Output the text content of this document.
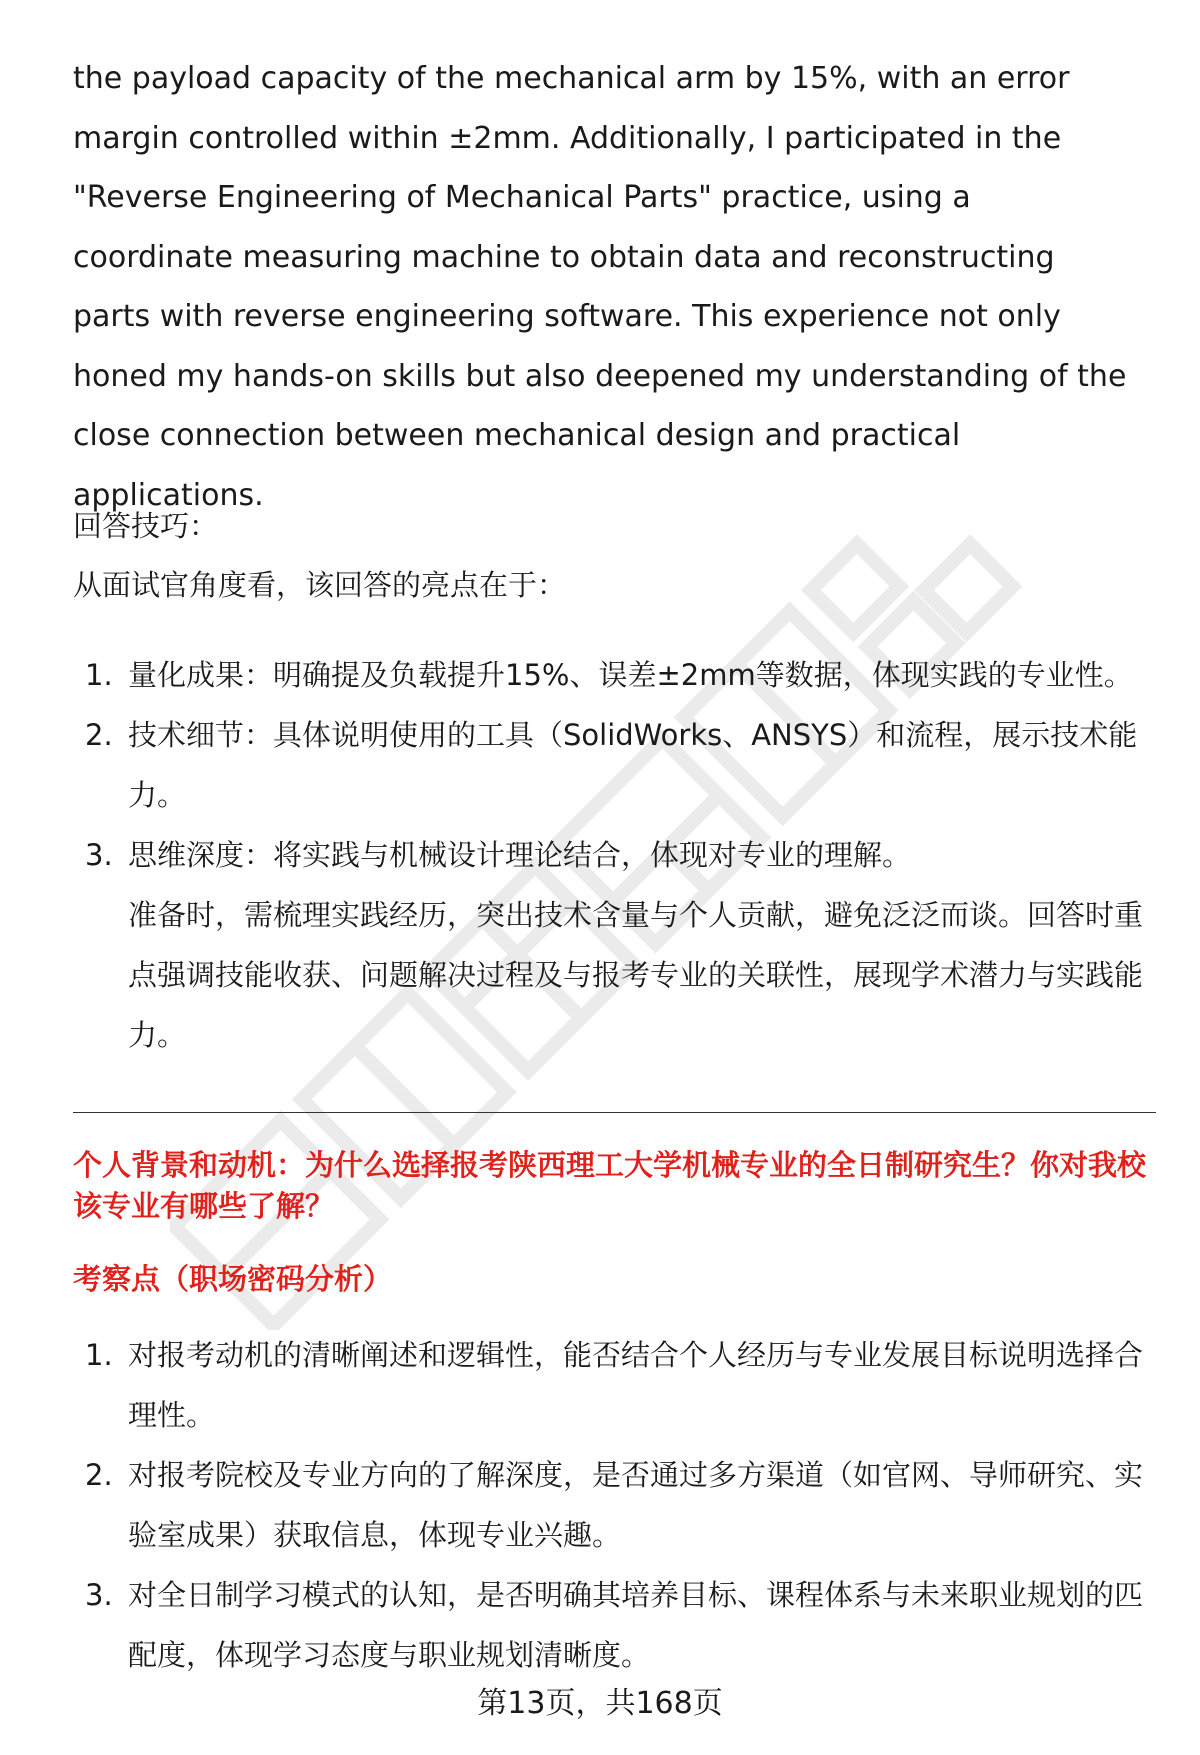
the payload capacity of the mechanical arm by 15%, with an error margin controlled within ±2mm. Additionally, I participated in the "Reverse Engineering of Mechanical Parts" practice, using a coordinate measuring machine to obtain data and reconstructing parts with reverse engineering software. This experience not only honed my hands-on skills but also deepened my understanding of the close connection between mechanical design and practical applications.
回答技巧：
从面试官角度看，该回答的亮点在于：
1. 量化成果：明确提及负载提升15%、误差±2mm等数据，体现实践的专业性。
2. 技术细节：具体说明使用的工具（SolidWorks、ANSYS）和流程，展示技术能力。
3. 思维深度：将实践与机械设计理论结合，体现对专业的理解。
准备时，需梳理实践经历，突出技术含量与个人贡献，避免泛泛而谈。回答时重点强调技能收获、问题解决过程及与报考专业的关联性，展现学术潜力与实践能力。
个人背景和动机：为什么选择报考陕西理工大学机械专业的全日制研究生？你对我校该专业有哪些了解？
考察点（职场密码分析）
1. 对报考动机的清晰阐述和逻辑性，能否结合个人经历与专业发展目标说明选择合理性。
2. 对报考院校及专业方向的了解深度，是否通过多方渠道（如官网、导师研究、实验室成果）获取信息，体现专业兴趣。
3. 对全日制学习模式的认知，是否明确其培养目标、课程体系与未来职业规划的匹配度，体现学习态度与职业规划清晰度。
第13页，共168页
